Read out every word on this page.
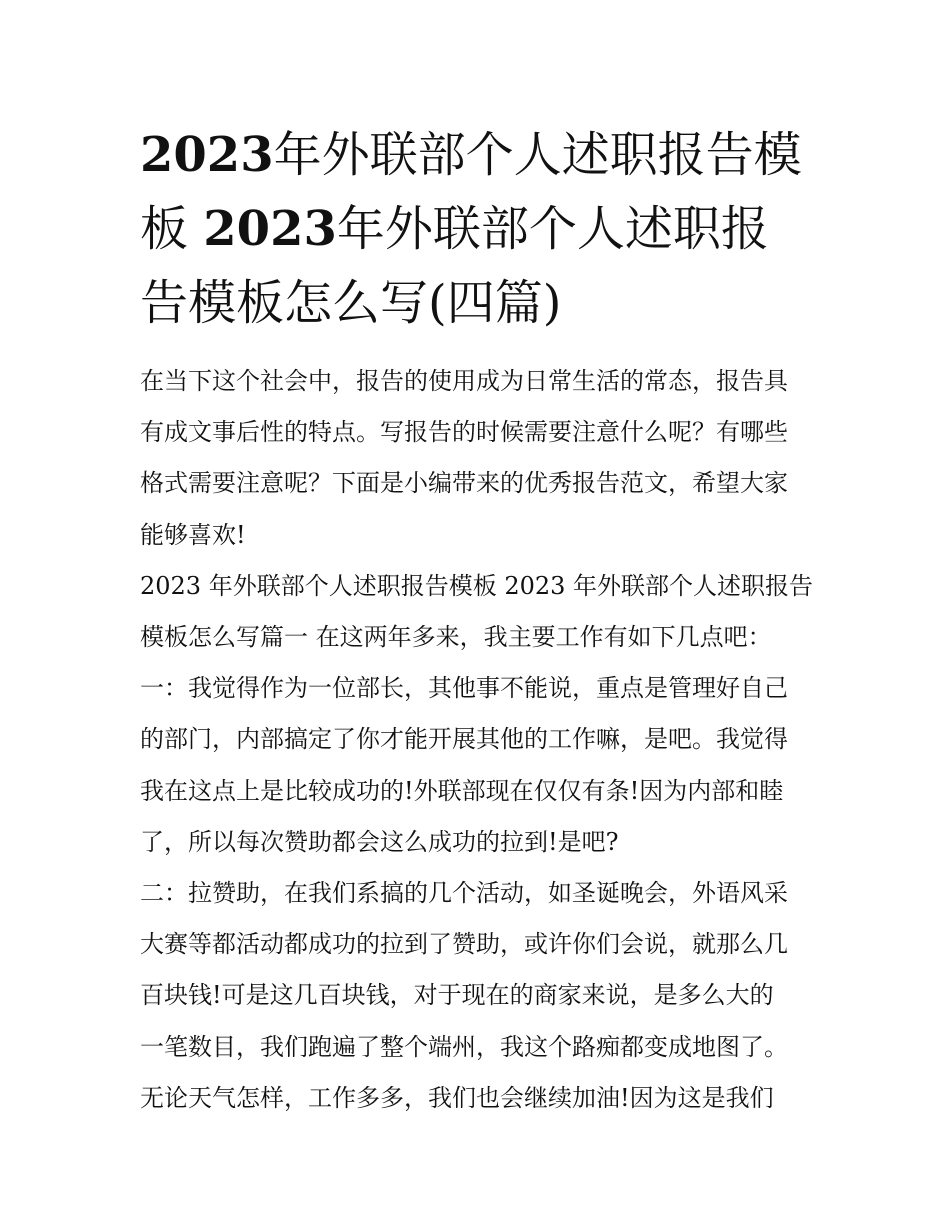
2023年外联部个人述职报告模
板 2023年外联部个人述职报
告模板怎么写(四篇)
在当下这个社会中，报告的使用成为日常生活的常态，报告具
有成文事后性的特点。写报告的时候需要注意什么呢？有哪些
格式需要注意呢？下面是小编带来的优秀报告范文，希望大家
能够喜欢!
2023 年外联部个人述职报告模板 2023 年外联部个人述职报告
模板怎么写篇一 在这两年多来，我主要工作有如下几点吧：
一：我觉得作为一位部长，其他事不能说，重点是管理好自己
的部门，内部搞定了你才能开展其他的工作嘛，是吧。我觉得
我在这点上是比较成功的!外联部现在仅仅有条!因为内部和睦
了，所以每次赞助都会这么成功的拉到!是吧?
二：拉赞助，在我们系搞的几个活动，如圣诞晚会，外语风采
大赛等都活动都成功的拉到了赞助，或许你们会说，就那么几
百块钱!可是这几百块钱，对于现在的商家来说，是多么大的
一笔数目，我们跑遍了整个端州，我这个路痴都变成地图了。
无论天气怎样，工作多多，我们也会继续加油!因为这是我们
